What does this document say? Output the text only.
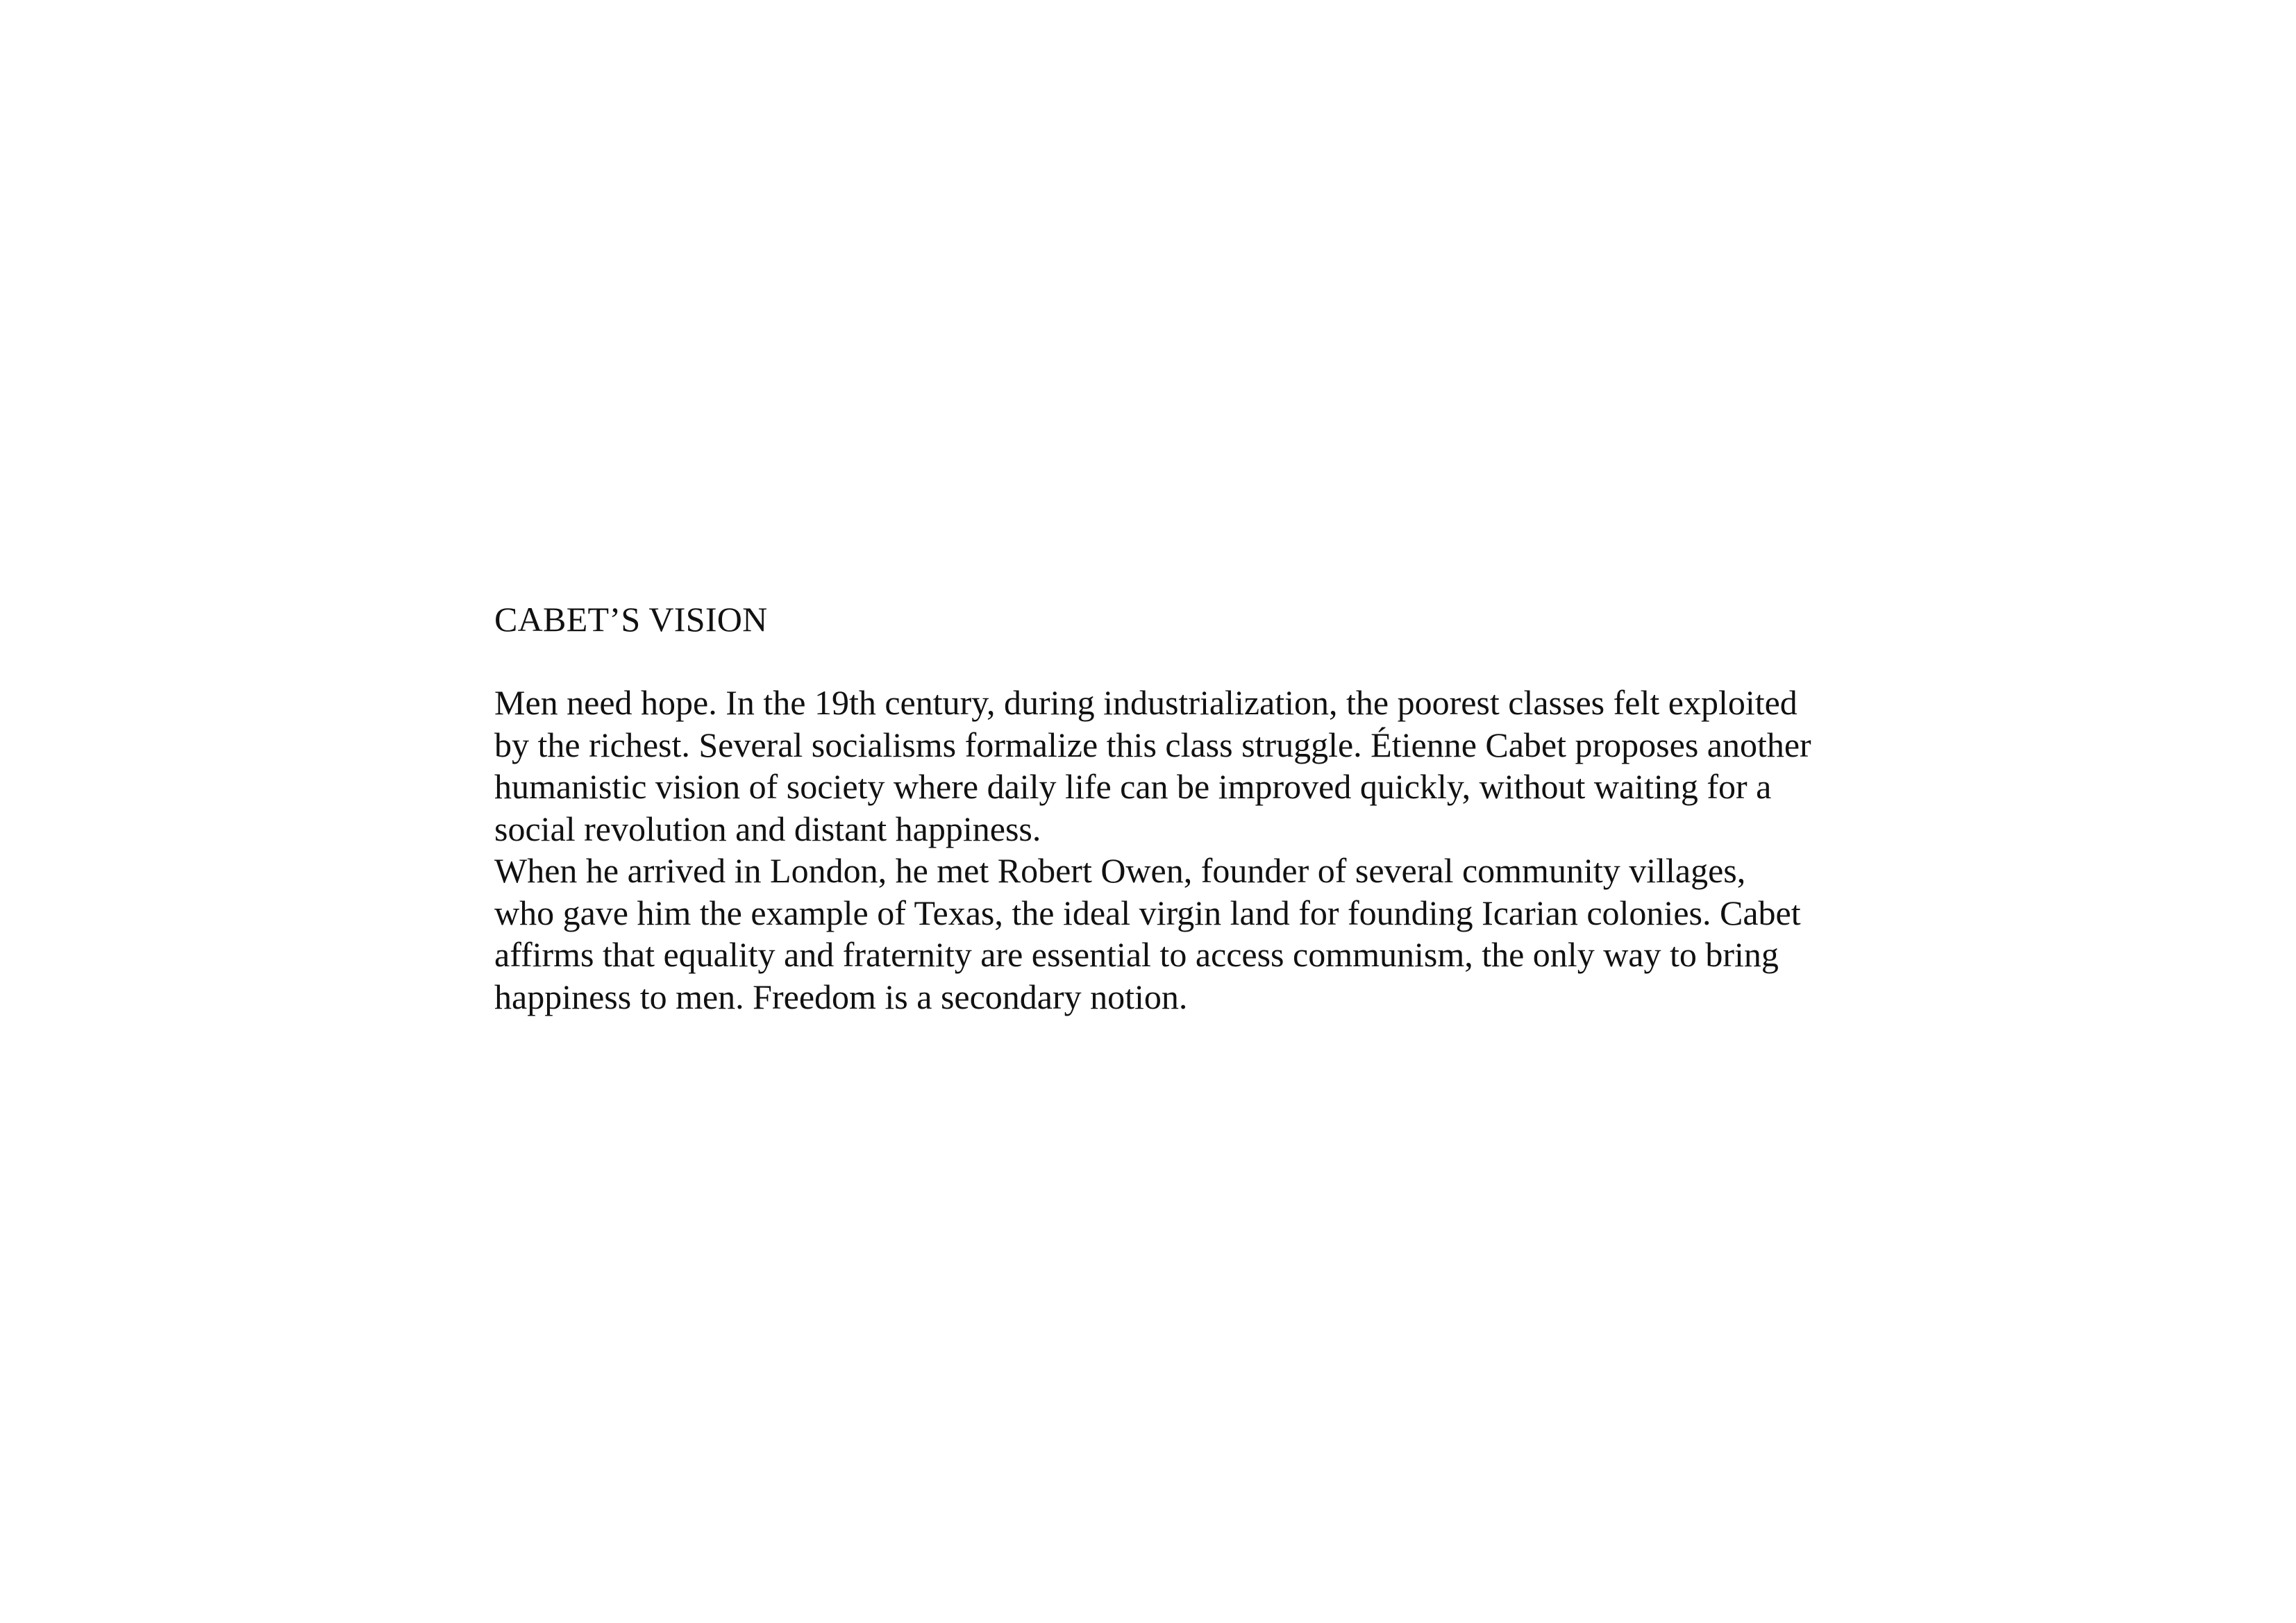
CABET’S VISION

Men need hope. In the 19th century, during industrialization, the poorest classes felt exploited
by the richest. Several socialisms formalize this class struggle. Étienne Cabet proposes another
humanistic vision of society where daily life can be improved quickly, without waiting for a
social revolution and distant happiness.

When he arrived in London, he met Robert Owen, founder of several community villages,
who gave him the example of Texas, the ideal virgin land for founding Icarian colonies. Cabet
affirms that equality and fraternity are essential to access communism, the only way to bring
happiness to men. Freedom is a secondary notion.
